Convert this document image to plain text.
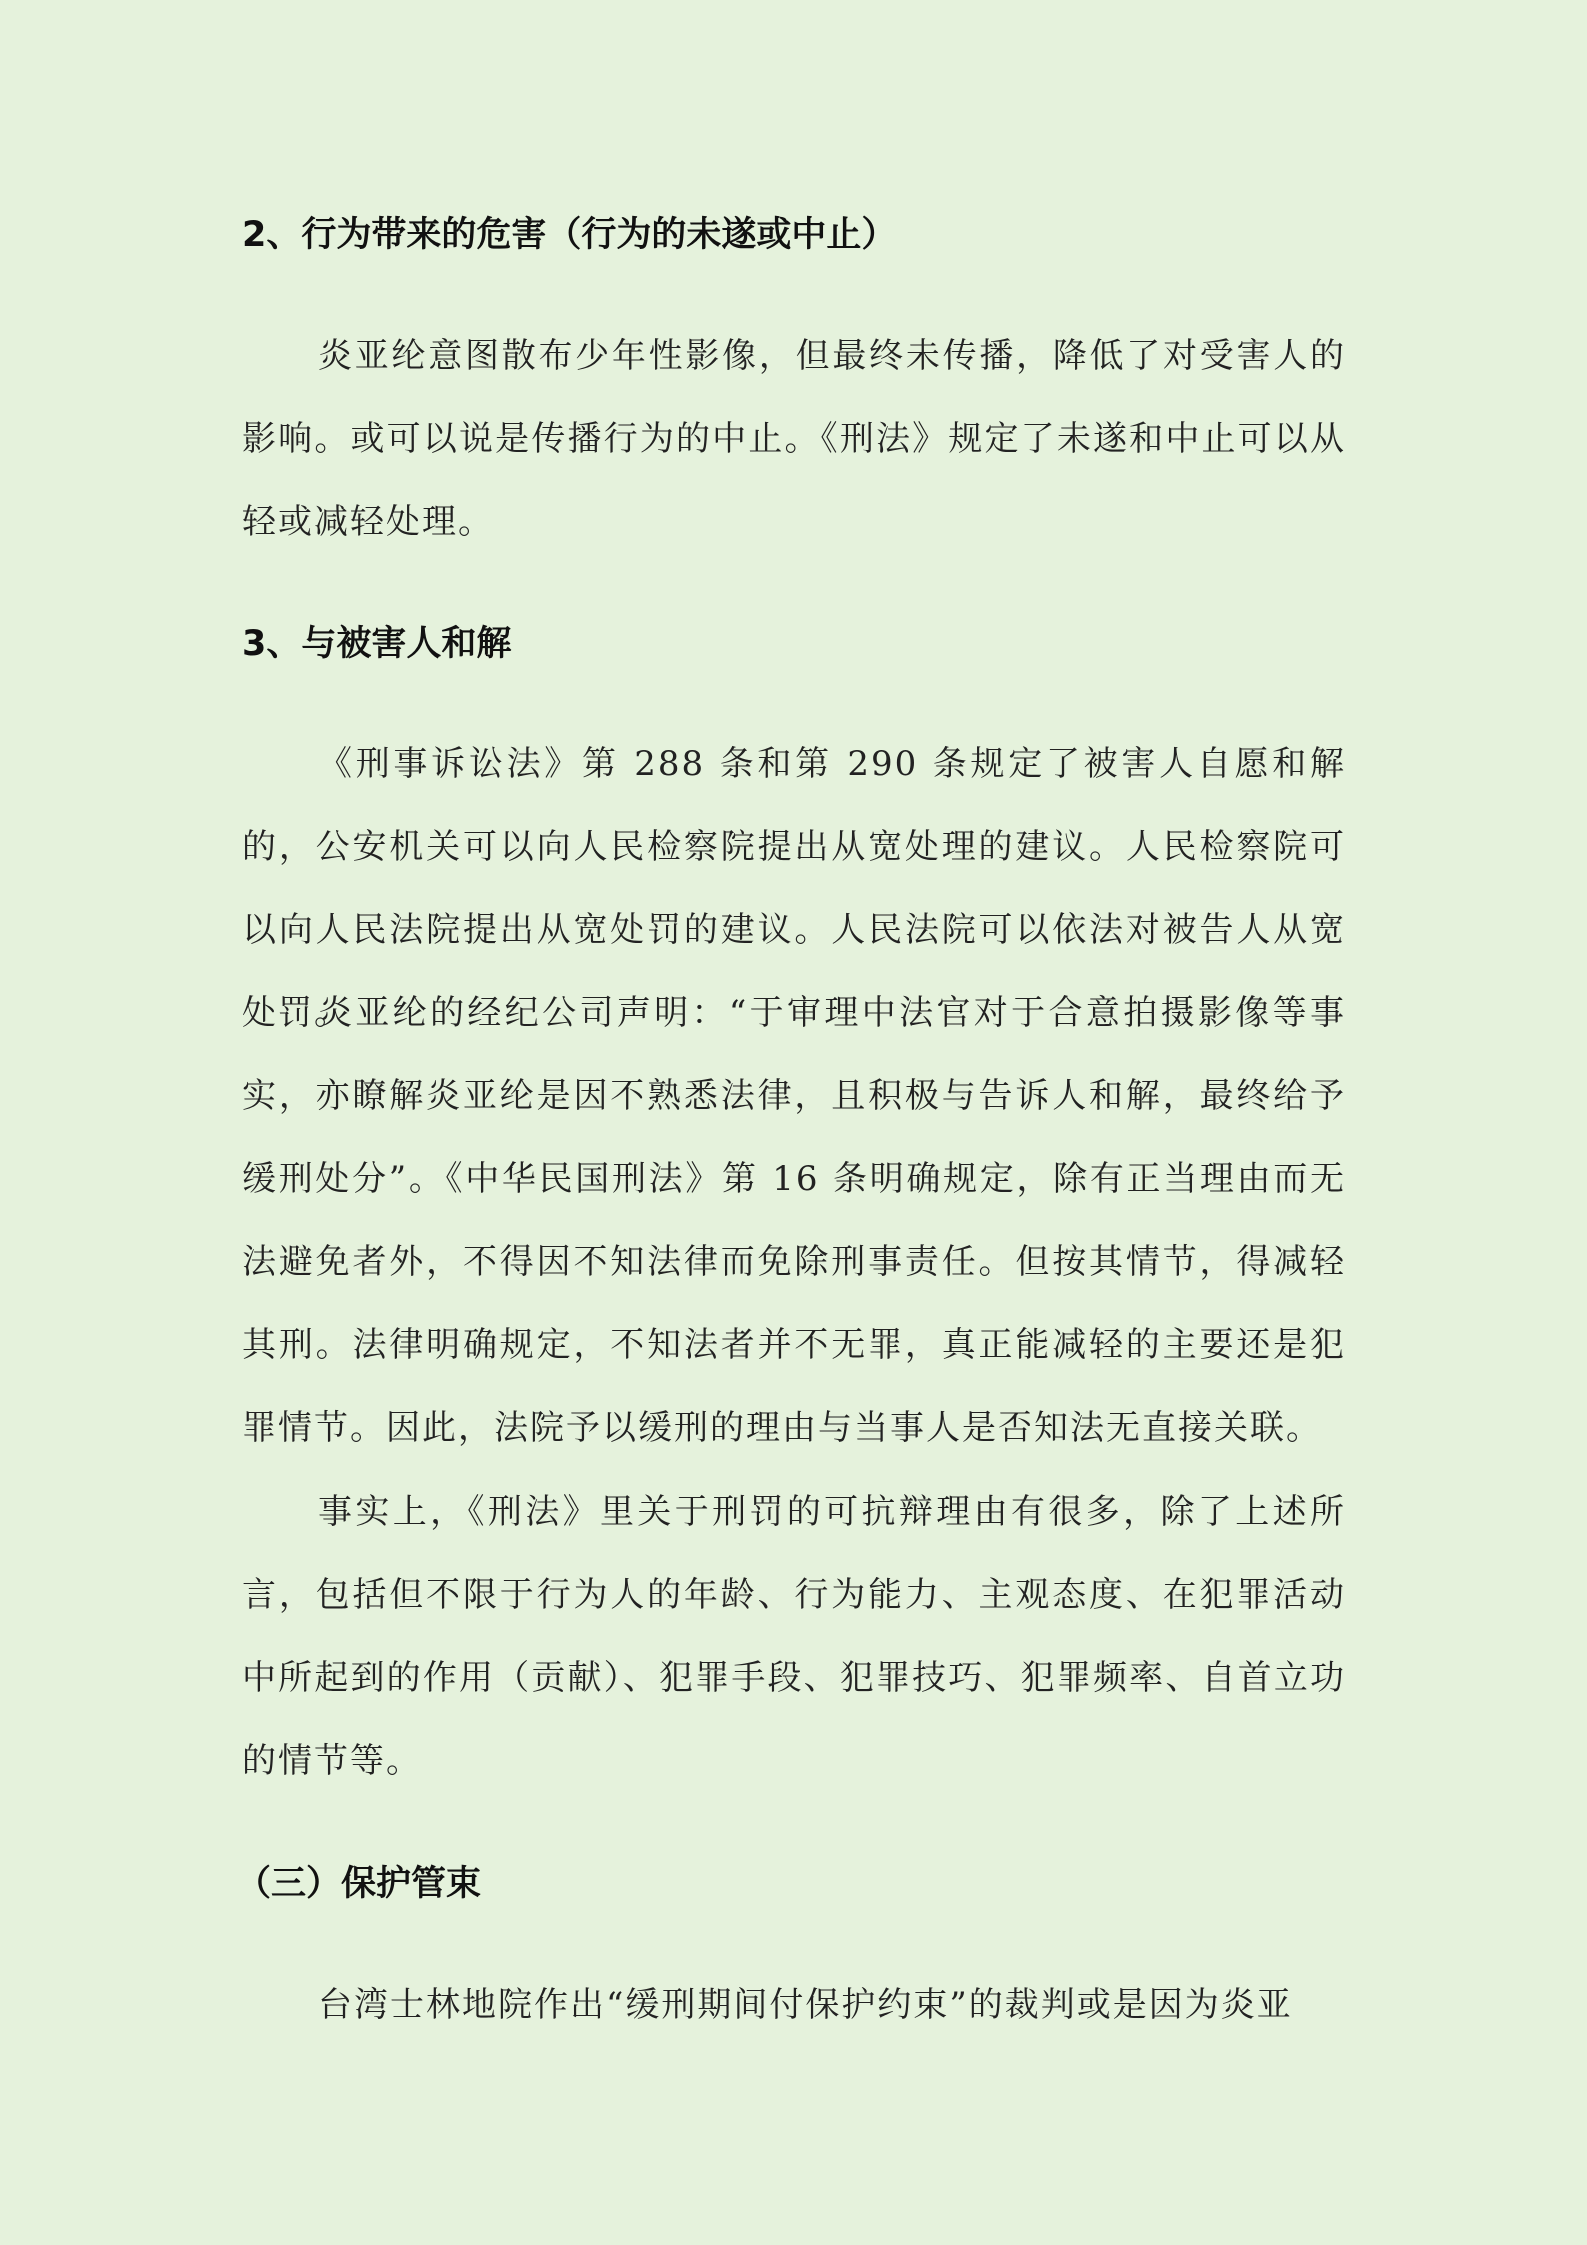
2、行为带来的危害（行为的未遂或中止）
炎亚纶意图散布少年性影像，但最终未传播，降低了对受害人的影响。或可以说是传播行为的中止。《刑法》规定了未遂和中止可以从轻或减轻处理。
3、与被害人和解
《刑事诉讼法》第 288 条和第 290 条规定了被害人自愿和解的，公安机关可以向人民检察院提出从宽处理的建议。人民检察院可以向人民法院提出从宽处罚的建议。人民法院可以依法对被告人从宽处罚。
炎亚纶的经纪公司声明：“于审理中法官对于合意拍摄影像等事实，亦瞭解炎亚纶是因不熟悉法律，且积极与告诉人和解，最终给予缓刑处分”。《中华民国刑法》第 16 条明确规定，除有正当理由而无法避免者外，不得因不知法律而免除刑事责任。但按其情节，得减轻其刑。法律明确规定，不知法者并不无罪，真正能减轻的主要还是犯罪情节。因此，法院予以缓刑的理由与当事人是否知法无直接关联。
事实上，《刑法》里关于刑罚的可抗辩理由有很多，除了上述所言，包括但不限于行为人的年龄、行为能力、主观态度、在犯罪活动中所起到的作用（贡献）、犯罪手段、犯罪技巧、犯罪频率、自首立功的情节等。
（三）保护管束
台湾士林地院作出“缓刑期间付保护约束”的裁判或是因为炎亚
